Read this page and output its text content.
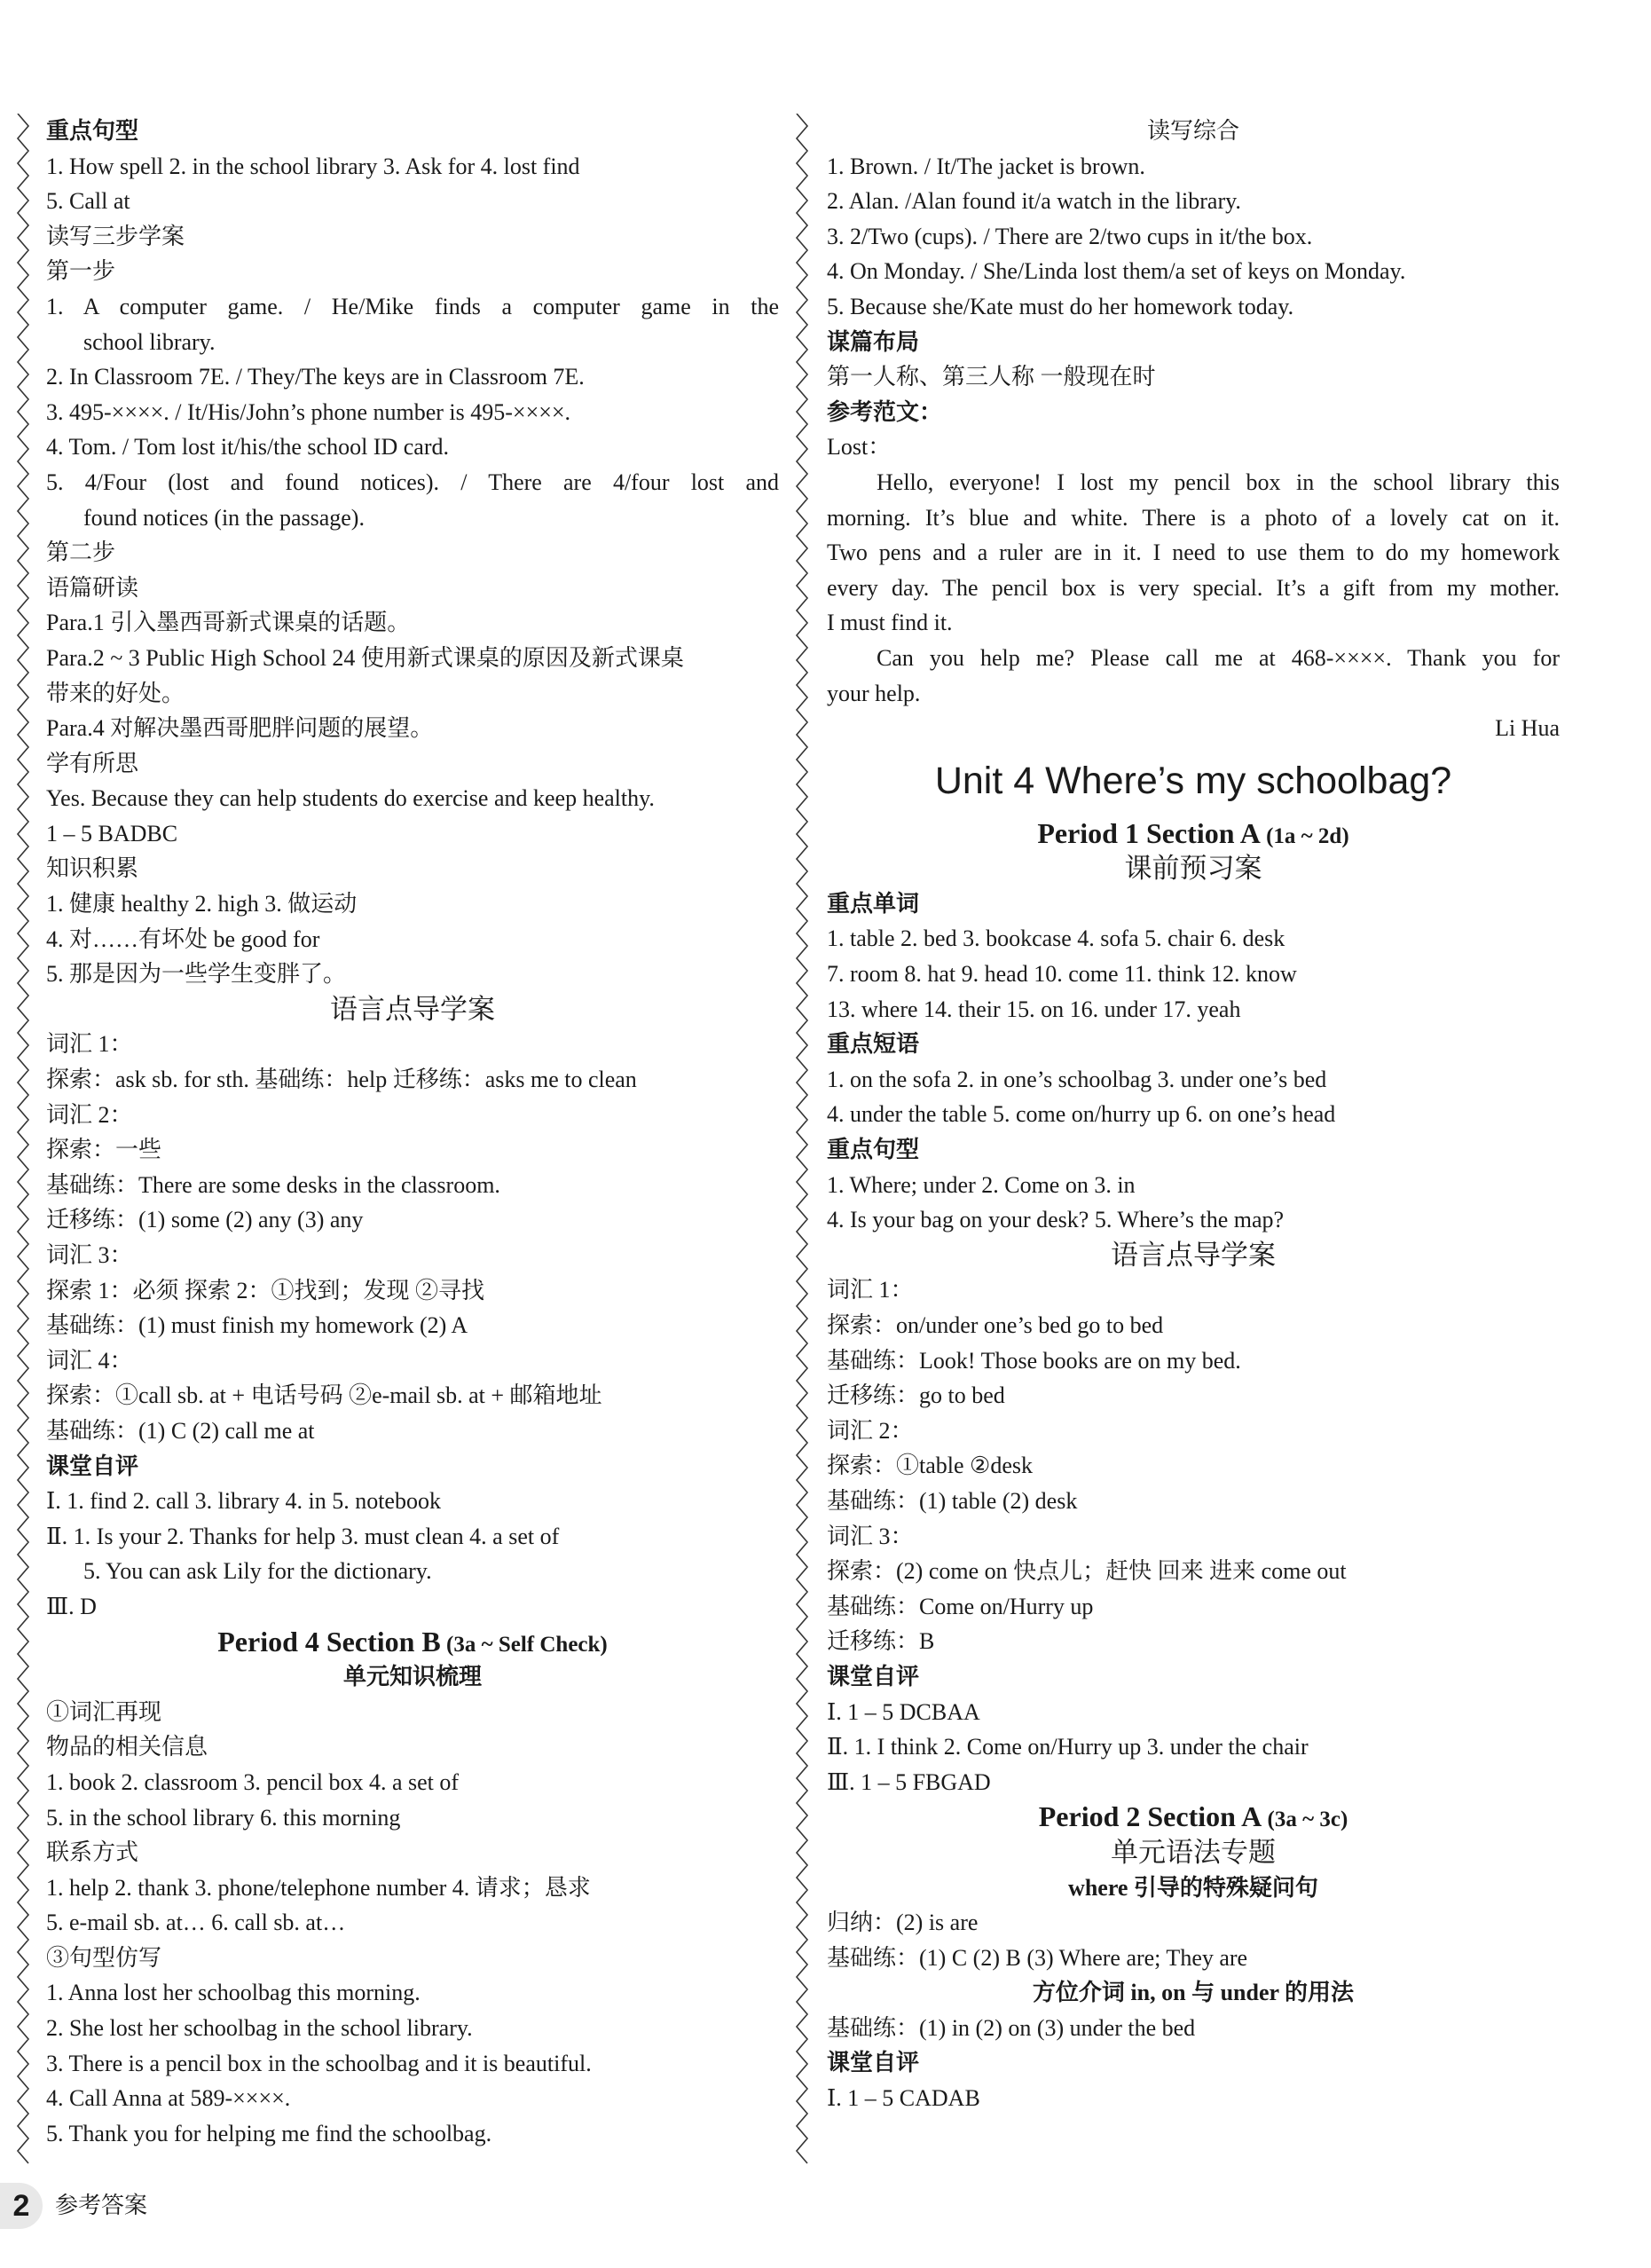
重点句型
1. How spell 2. in the school library 3. Ask for 4. lost find
5. Call at
读写三步学案
第一步
1. A computer game. / He/Mike finds a computer game in the
school library.
2. In Classroom 7E. / They/The keys are in Classroom 7E.
3. 495-××××. / It/His/John’s phone number is 495-××××.
4. Tom. / Tom lost it/his/the school ID card.
5. 4/Four (lost and found notices). / There are 4/four lost and
found notices (in the passage).
第二步
语篇研读
Para.1 引入墨西哥新式课桌的话题。
Para.2 ~ 3 Public High School 24 使用新式课桌的原因及新式课桌
带来的好处。
Para.4 对解决墨西哥肥胖问题的展望。
学有所思
Yes. Because they can help students do exercise and keep healthy.
1 – 5 BADBC
知识积累
1. 健康 healthy 2. high 3. 做运动
4. 对……有坏处 be good for
5. 那是因为一些学生变胖了。
语言点导学案
词汇 1：
探索：ask sb. for sth. 基础练：help 迁移练：asks me to clean
词汇 2：
探索：一些
基础练：There are some desks in the classroom.
迁移练：(1) some (2) any (3) any
词汇 3：
探索 1：必须 探索 2：①找到；发现 ②寻找
基础练：(1) must finish my homework (2) A
词汇 4：
探索：①call sb. at + 电话号码 ②e-mail sb. at + 邮箱地址
基础练：(1) C (2) call me at
课堂自评
Ⅰ. 1. find 2. call 3. library 4. in 5. notebook
Ⅱ. 1. Is your 2. Thanks for help 3. must clean 4. a set of
5. You can ask Lily for the dictionary.
Ⅲ. D
Period 4 Section B (3a ~ Self Check)
单元知识梳理
①词汇再现
物品的相关信息
1. book 2. classroom 3. pencil box 4. a set of
5. in the school library 6. this morning
联系方式
1. help 2. thank 3. phone/telephone number 4. 请求；恳求
5. e-mail sb. at… 6. call sb. at…
③句型仿写
1. Anna lost her schoolbag this morning.
2. She lost her schoolbag in the school library.
3. There is a pencil box in the schoolbag and it is beautiful.
4. Call Anna at 589-××××.
5. Thank you for helping me find the schoolbag.
读写综合
1. Brown. / It/The jacket is brown.
2. Alan. /Alan found it/a watch in the library.
3. 2/Two (cups). / There are 2/two cups in it/the box.
4. On Monday. / She/Linda lost them/a set of keys on Monday.
5. Because she/Kate must do her homework today.
谋篇布局
第一人称、第三人称 一般现在时
参考范文：
Lost：
Hello, everyone! I lost my pencil box in the school library this
morning. It’s blue and white. There is a photo of a lovely cat on it.
Two pens and a ruler are in it. I need to use them to do my homework
every day. The pencil box is very special. It’s a gift from my mother.
I must find it.
Can you help me? Please call me at 468-××××. Thank you for
your help.
Li Hua
Unit 4 Where’s my schoolbag?
Period 1 Section A (1a ~ 2d)
课前预习案
重点单词
1. table 2. bed 3. bookcase 4. sofa 5. chair 6. desk
7. room 8. hat 9. head 10. come 11. think 12. know
13. where 14. their 15. on 16. under 17. yeah
重点短语
1. on the sofa 2. in one’s schoolbag 3. under one’s bed
4. under the table 5. come on/hurry up 6. on one’s head
重点句型
1. Where; under 2. Come on 3. in
4. Is your bag on your desk? 5. Where’s the map?
语言点导学案
词汇 1：
探索：on/under one’s bed go to bed
基础练：Look! Those books are on my bed.
迁移练：go to bed
词汇 2：
探索：①table ②desk
基础练：(1) table (2) desk
词汇 3：
探索：(2) come on 快点儿；赶快 回来 进来 come out
基础练：Come on/Hurry up
迁移练：B
课堂自评
Ⅰ. 1 – 5 DCBAA
Ⅱ. 1. I think 2. Come on/Hurry up 3. under the chair
Ⅲ. 1 – 5 FBGAD
Period 2 Section A (3a ~ 3c)
单元语法专题
where 引导的特殊疑问句
归纳：(2) is are
基础练：(1) C (2) B (3) Where are; They are
方位介词 in, on 与 under 的用法
基础练：(1) in (2) on (3) under the bed
课堂自评
Ⅰ. 1 – 5 CADAB
2	参考答案
